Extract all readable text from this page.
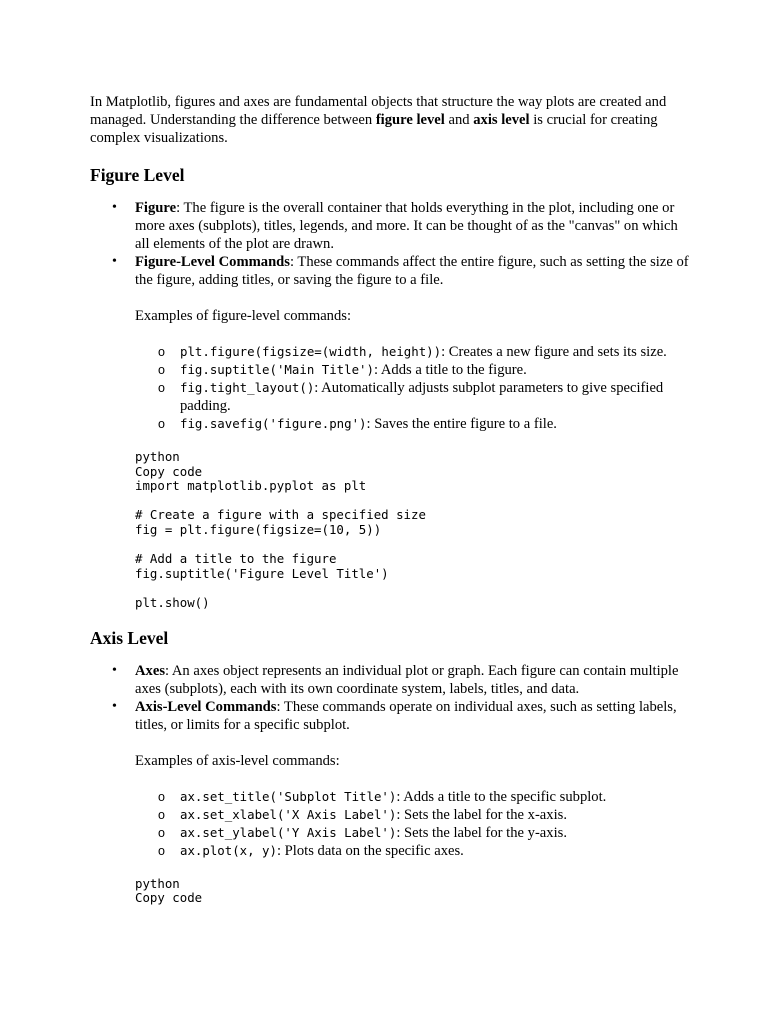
In Matplotlib, figures and axes are fundamental objects that structure the way plots are created and managed. Understanding the difference between figure level and axis level is crucial for creating complex visualizations.

Figure Level
• Figure: The figure is the overall container that holds everything in the plot, including one or more axes (subplots), titles, legends, and more. It can be thought of as the "canvas" on which all elements of the plot are drawn.
• Figure-Level Commands: These commands affect the entire figure, such as setting the size of the figure, adding titles, or saving the figure to a file.

Examples of figure-level commands:

o plt.figure(figsize=(width, height)): Creates a new figure and sets its size.
o fig.suptitle('Main Title'): Adds a title to the figure.
o fig.tight_layout(): Automatically adjusts subplot parameters to give specified padding.
o fig.savefig('figure.png'): Saves the entire figure to a file.
python
Copy code
import matplotlib.pyplot as plt
# Create a figure with a specified size
fig = plt.figure(figsize=(10, 5))
# Add a title to the figure
fig.suptitle('Figure Level Title')
plt.show()
Axis Level
• Axes: An axes object represents an individual plot or graph. Each figure can contain multiple axes (subplots), each with its own coordinate system, labels, titles, and data.
• Axis-Level Commands: These commands operate on individual axes, such as setting labels, titles, or limits for a specific subplot.

Examples of axis-level commands:

o ax.set_title('Subplot Title'): Adds a title to the specific subplot.
o ax.set_xlabel('X Axis Label'): Sets the label for the x-axis.
o ax.set_ylabel('Y Axis Label'): Sets the label for the y-axis.
o ax.plot(x, y): Plots data on the specific axes.
python
Copy code
